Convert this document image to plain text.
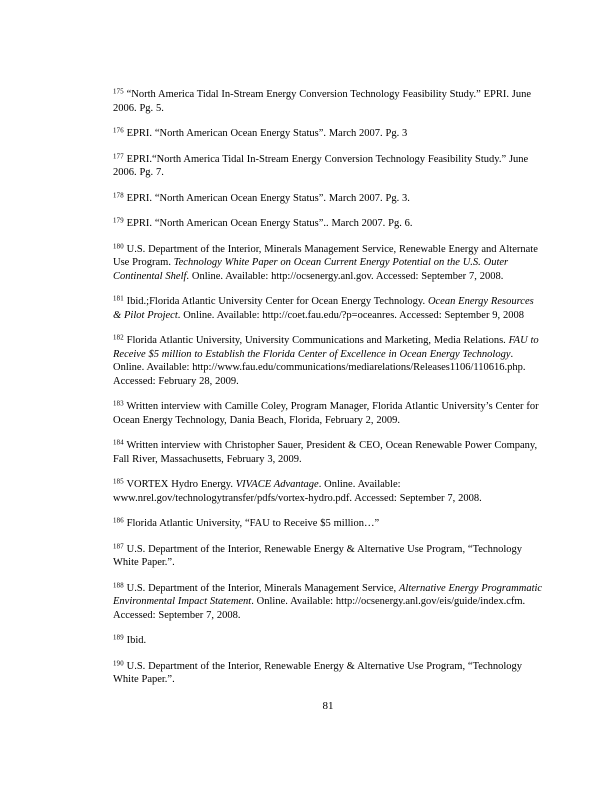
$^{175}$ “North America Tidal In-Stream Energy Conversion Technology Feasibility Study.” EPRI. June 2006. Pg. 5.

$^{176}$ EPRI. “North American Ocean Energy Status”. March 2007. Pg. 3

$^{177}$ EPRI.“North America Tidal In-Stream Energy Conversion Technology Feasibility Study.” June 2006. Pg. 7.

$^{178}$ EPRI. “North American Ocean Energy Status”. March 2007. Pg. 3.

$^{179}$ EPRI. “North American Ocean Energy Status”.. March 2007. Pg. 6.

$^{180}$ U.S. Department of the Interior, Minerals Management Service, Renewable Energy and Alternate Use Program. Technology White Paper on Ocean Current Energy Potential on the U.S. Outer Continental Shelf. Online. Available: http://ocsenergy.anl.gov. Accessed: September 7, 2008.

$^{181}$ Ibid.;Florida Atlantic University Center for Ocean Energy Technology. Ocean Energy Resources & Pilot Project. Online. Available: http://coet.fau.edu/?p=oceanres. Accessed: September 9, 2008

$^{182}$ Florida Atlantic University, University Communications and Marketing, Media Relations. FAU to Receive $5 million to Establish the Florida Center of Excellence in Ocean Energy Technology. Online. Available: http://www.fau.edu/communications/mediarelations/Releases1106/110616.php. Accessed: February 28, 2009.

$^{183}$ Written interview with Camille Coley, Program Manager, Florida Atlantic University’s Center for Ocean Energy Technology, Dania Beach, Florida, February 2, 2009.

$^{184}$ Written interview with Christopher Sauer, President & CEO, Ocean Renewable Power Company, Fall River, Massachusetts, February 3, 2009.

$^{185}$ VORTEX Hydro Energy. VIVACE Advantage. Online. Available: www.nrel.gov/technologytransfer/pdfs/vortex-hydro.pdf. Accessed: September 7, 2008.

$^{186}$ Florida Atlantic University, “FAU to Receive $5 million…”

$^{187}$ U.S. Department of the Interior, Renewable Energy & Alternative Use Program, “Technology White Paper.”.

$^{188}$ U.S. Department of the Interior, Minerals Management Service, Alternative Energy Programmatic Environmental Impact Statement. Online. Available: http://ocsenergy.anl.gov/eis/guide/index.cfm. Accessed: September 7, 2008.

$^{189}$ Ibid.

$^{190}$ U.S. Department of the Interior, Renewable Energy & Alternative Use Program, “Technology White Paper.”.

81
